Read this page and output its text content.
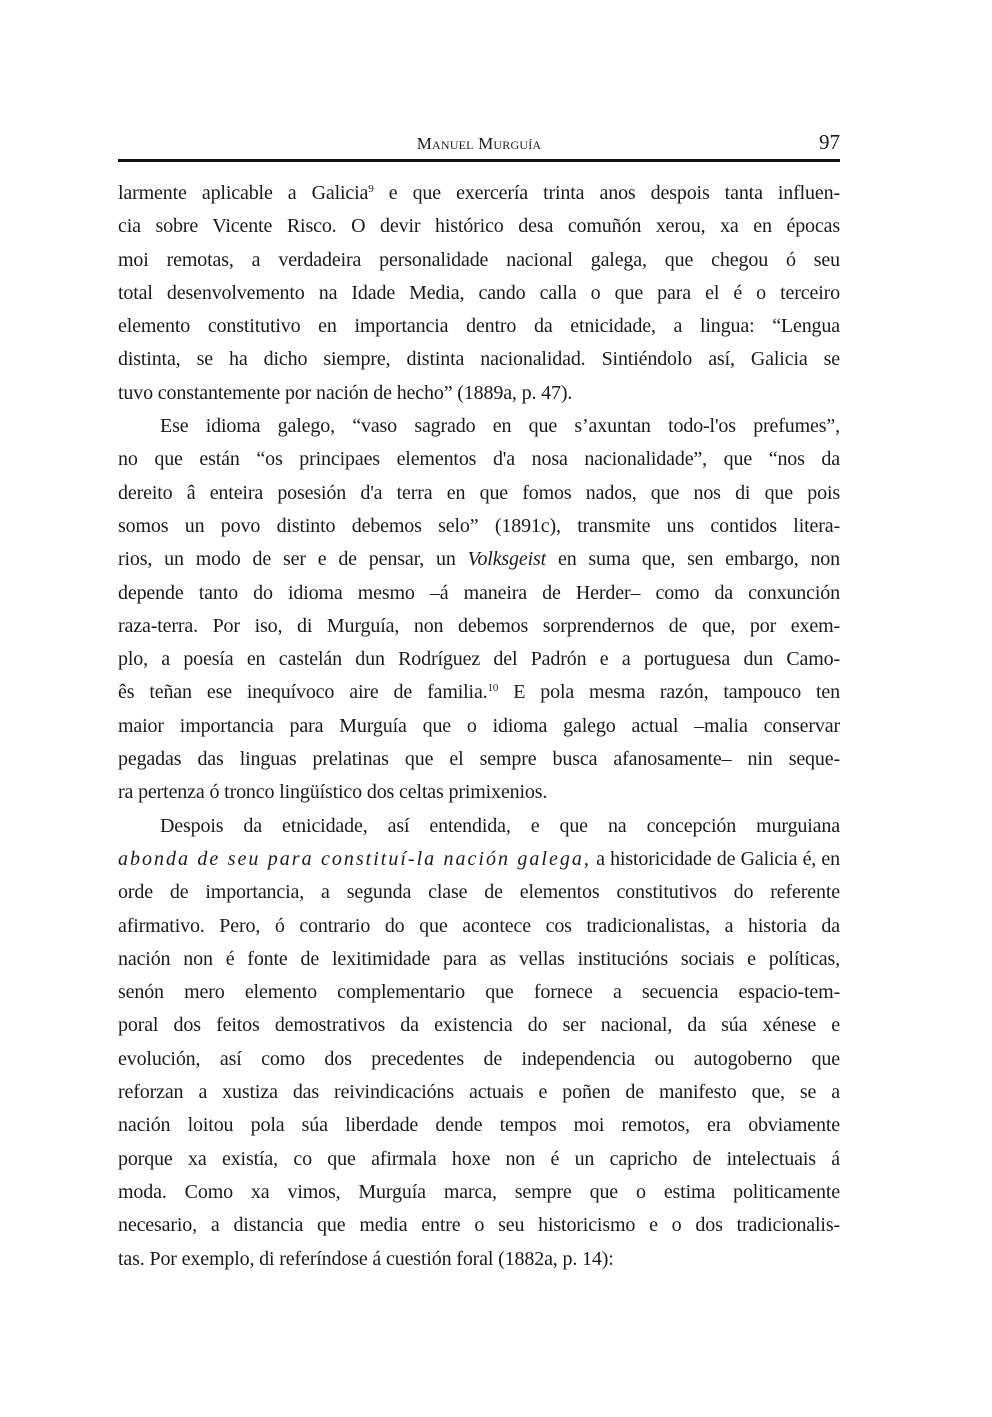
Manuel Murguía	97
larmente aplicable a Galicia$^9$ e que exercería trinta anos despois tanta influen-
cia sobre Vicente Risco. O devir histórico desa comuñón xerou, xa en épocas
moi remotas, a verdadeira personalidade nacional galega, que chegou ó seu
total desenvolvemento na Idade Media, cando calla o que para el é o terceiro
elemento constitutivo en importancia dentro da etnicidade, a lingua: “Lengua
distinta, se ha dicho siempre, distinta nacionalidad. Sintiéndolo así, Galicia se
tuvo constantemente por nación de hecho” (1889a, p. 47).
Ese idioma galego, “vaso sagrado en que s’axuntan todo-l'os prefumes”,
no que están “os principaes elementos d'a nosa nacionalidade”, que “nos da
dereito â enteira posesión d'a terra en que fomos nados, que nos di que pois
somos un povo distinto debemos selo” (1891c), transmite uns contidos litera-
rios, un modo de ser e de pensar, un Volksgeist en suma que, sen embargo, non
depende tanto do idioma mesmo –á maneira de Herder– como da conxunción
raza-terra. Por iso, di Murguía, non debemos sorprendernos de que, por exem-
plo, a poesía en castelán dun Rodríguez del Padrón e a portuguesa dun Camo-
ês teñan ese inequívoco aire de familia.$^{10}$ E pola mesma razón, tampouco ten
maior importancia para Murguía que o idioma galego actual –malia conservar
pegadas das linguas prelatinas que el sempre busca afanosamente– nin seque-
ra pertenza ó tronco lingüístico dos celtas primixenios.
Despois da etnicidade, así entendida, e que na concepción murguiana
abonda de seu para constituí-la nación galega, a historicidade de Galicia é, en
orde de importancia, a segunda clase de elementos constitutivos do referente
afirmativo. Pero, ó contrario do que acontece cos tradicionalistas, a historia da
nación non é fonte de lexitimidade para as vellas institucións sociais e políticas,
senón mero elemento complementario que fornece a secuencia espacio-tem-
poral dos feitos demostrativos da existencia do ser nacional, da súa xénese e
evolución, así como dos precedentes de independencia ou autogoberno que
reforzan a xustiza das reivindicacións actuais e poñen de manifesto que, se a
nación loitou pola súa liberdade dende tempos moi remotos, era obviamente
porque xa existía, co que afirmala hoxe non é un capricho de intelectuais á
moda. Como xa vimos, Murguía marca, sempre que o estima politicamente
necesario, a distancia que media entre o seu historicismo e o dos tradicionalis-
tas. Por exemplo, di referíndose á cuestión foral (1882a, p. 14):
